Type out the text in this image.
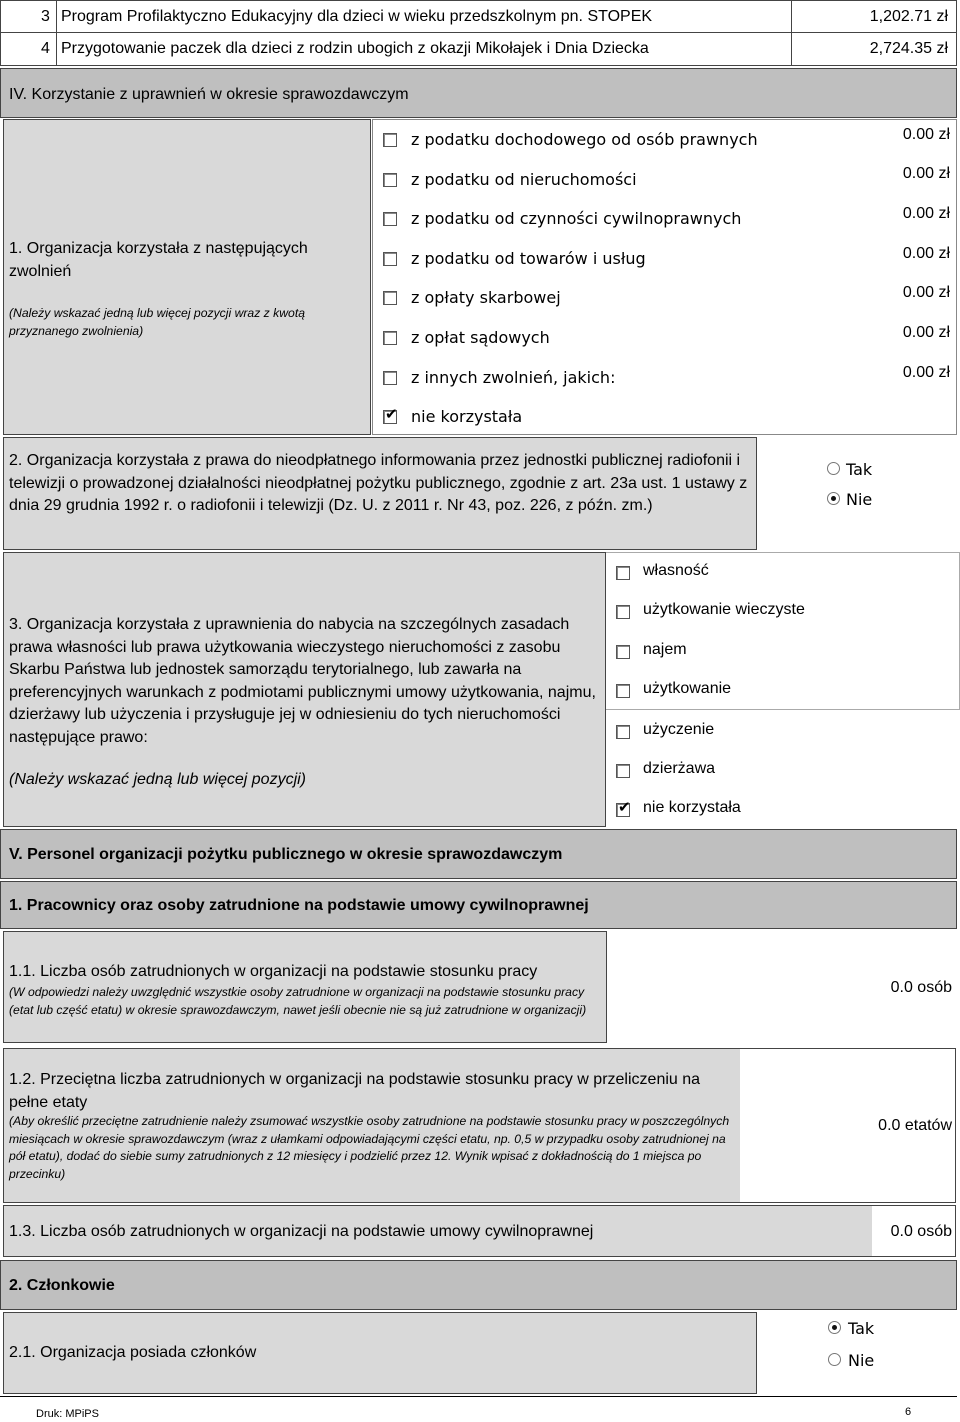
3 Program Profilaktyczno Edukacyjny dla dzieci w wieku przedszkolnym pn. STOPEK	1,202.71 zł
4 Przygotowanie paczek dla dzieci z rodzin ubogich z okazji Mikołajek i Dnia Dziecka	2,724.35 zł
IV. Korzystanie z uprawnień w okresie sprawozdawczym
1. Organizacja korzystała z następujących zwolnień
(Należy wskazać jedną lub więcej pozycji wraz z kwotą przyznanego zwolnienia)
z podatku dochodowego od osób prawnych	0.00 zł
z podatku od nieruchomości	0.00 zł
z podatku od czynności cywilnoprawnych	0.00 zł
z podatku od towarów i usług	0.00 zł
z opłaty skarbowej	0.00 zł
z opłat sądowych	0.00 zł
z innych zwolnień, jakich:	0.00 zł
✔ nie korzystała
2. Organizacja korzystała z prawa do nieodpłatnego informowania przez jednostki publicznej radiofonii i telewizji o prowadzonej działalności nieodpłatnej pożytku publicznego, zgodnie z art. 23a ust. 1 ustawy z dnia 29 grudnia 1992 r. o radiofonii i telewizji (Dz. U. z 2011 r. Nr 43, poz. 226, z późn. zm.)
Tak
Nie
3. Organizacja korzystała z uprawnienia do nabycia na szczególnych zasadach prawa własności lub prawa użytkowania wieczystego nieruchomości z zasobu Skarbu Państwa lub jednostek samorządu terytorialnego, lub zawarła na preferencyjnych warunkach z podmiotami publicznymi umowy użytkowania, najmu, dzierżawy lub użyczenia i przysługuje jej w odniesieniu do tych nieruchomości następujące prawo:
(Należy wskazać jedną lub więcej pozycji)
własność
użytkowanie wieczyste
najem
użytkowanie
użyczenie
dzierżawa
✔ nie korzystała
V. Personel organizacji pożytku publicznego w okresie sprawozdawczym
1. Pracownicy oraz osoby zatrudnione na podstawie umowy cywilnoprawnej
1.1. Liczba osób zatrudnionych w organizacji na podstawie stosunku pracy
(W odpowiedzi należy uwzględnić wszystkie osoby zatrudnione w organizacji na podstawie stosunku pracy (etat lub część etatu) w okresie sprawozdawczym, nawet jeśli obecnie nie są już zatrudnione w organizacji)
0.0 osób
1.2. Przeciętna liczba zatrudnionych w organizacji na podstawie stosunku pracy w przeliczeniu na pełne etaty
(Aby określić przeciętne zatrudnienie należy zsumować wszystkie osoby zatrudnione na podstawie stosunku pracy w poszczególnych miesiącach w okresie sprawozdawczym (wraz z ułamkami odpowiadającymi części etatu, np. 0,5 w przypadku osoby zatrudnionej na pół etatu), dodać do siebie sumy zatrudnionych z 12 miesięcy i podzielić przez 12. Wynik wpisać z dokładnością do 1 miejsca po przecinku)
0.0 etatów
1.3. Liczba osób zatrudnionych w organizacji na podstawie umowy cywilnoprawnej	0.0 osób
2. Członkowie
2.1. Organizacja posiada członków
Tak
Nie
Druk: MPiPS	6
